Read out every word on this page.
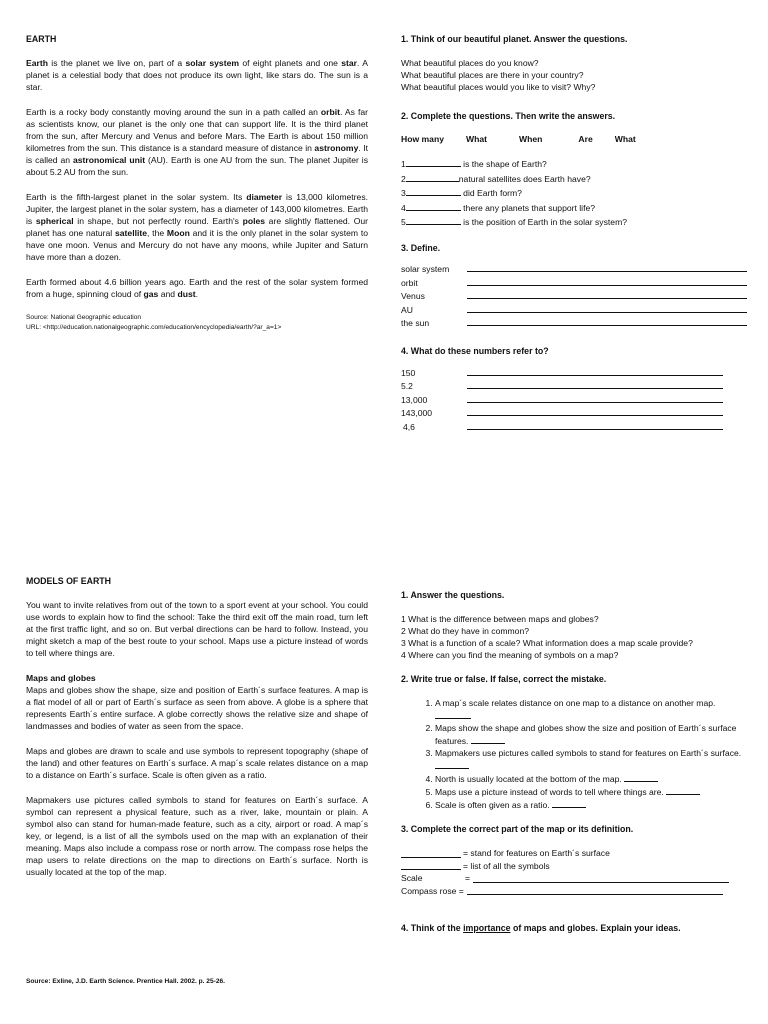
EARTH

Earth is the planet we live on, part of a solar system of eight planets and one star. A planet is a celestial body that does not produce its own light, like stars do. The sun is a star.

Earth is a rocky body constantly moving around the sun in a path called an orbit. As far as scientists know, our planet is the only one that can support life. It is the third planet from the sun, after Mercury and Venus and before Mars. The Earth is about 150 million kilometres from the sun. This distance is a standard measure of distance in astronomy. It is called an astronomical unit (AU). Earth is one AU from the sun. The planet Jupiter is about 5.2 AU from the sun.

Earth is the fifth-largest planet in the solar system. Its diameter is 13,000 kilometres. Jupiter, the largest planet in the solar system, has a diameter of 143,000 kilometres. Earth is spherical in shape, but not perfectly round. Earth's poles are slightly flattened. Our planet has one natural satellite, the Moon and it is the only planet in the solar system to have one moon. Venus and Mercury do not have any moons, while Jupiter and Saturn have more than a dozen.

Earth formed about 4.6 billion years ago. Earth and the rest of the solar system formed from a huge, spinning cloud of gas and dust.

Source: National Geographic education
URL: <http://education.nationalgeographic.com/education/encyclopedia/earth/?ar_a=1>
1. Think of our beautiful planet. Answer the questions.

What beautiful places do you know?

What beautiful places are there in your country?

What beautiful places would you like to visit? Why?

2. Complete the questions. Then write the answers.
How many	What	When	Are	What
1	is the shape of Earth?
2	natural satellites does Earth have?
3	did Earth form?
4	there any planets that support life?
5	is the position of Earth in the solar system?
3. Define.
solar system
orbit
Venus
AU
the sun
4. What do these numbers refer to?
150
5.2
13,000
143,000
4,6
MODELS OF EARTH

You want to invite relatives from out of the town to a sport event at your school. You could use words to explain how to find the school: Take the third exit off the main road, turn left at the first traffic light, and so on. But verbal directions can be hard to follow. Instead, you might sketch a map of the best route to your school. Maps use a picture instead of words to tell where things are.

Maps and globes

Maps and globes show the shape, size and position of Earth´s surface features. A map is a flat model of all or part of Earth´s surface as seen from above. A globe is a sphere that represents Earth´s entire surface. A globe correctly shows the relative size and shape of landmasses and bodies of water as seen from the space.

Maps and globes are drawn to scale and use symbols to represent topography (shape of the land) and other features on Earth´s surface. A map´s scale relates distance on a map to a distance on Earth´s surface. Scale is often given as a ratio.

Mapmakers use pictures called symbols to stand for features on Earth´s surface. A symbol can represent a physical feature, such as a river, lake, mountain or plain. A symbol also can stand for human-made feature, such as a city, airport or road. A map´s key, or legend, is a list of all the symbols used on the map with an explanation of their meaning. Maps also include a compass rose or north arrow. The compass rose helps the map users to relate directions on the map to directions on Earth´s surface. North is usually located at the top of the map.

Source: Exline, J.D. Earth Science. Prentice Hall. 2002. p. 25-26.
1. Answer the questions.

1 What is the difference between maps and globes?

2 What do they have in common?

3 What is a function of a scale? What information does a map scale provide?

4 Where can you find the meaning of symbols on a map?

2. Write true or false. If false, correct the mistake.
1. A map´s scale relates distance on one map to a distance on another map.
2. Maps show the shape and globes show the size and position of Earth´s surface features.
3. Mapmakers use pictures called symbols to stand for features on Earth´s surface.
4. North is usually located at the bottom of the map.
5. Maps use a picture instead of words to tell where things are.
6. Scale is often given as a ratio.
3. Complete the correct part of the map or its definition.
= stand for features on Earth´s surface
= list of all the symbols
Scale	=
Compass rose =
4. Think of the importance of maps and globes. Explain your ideas.
